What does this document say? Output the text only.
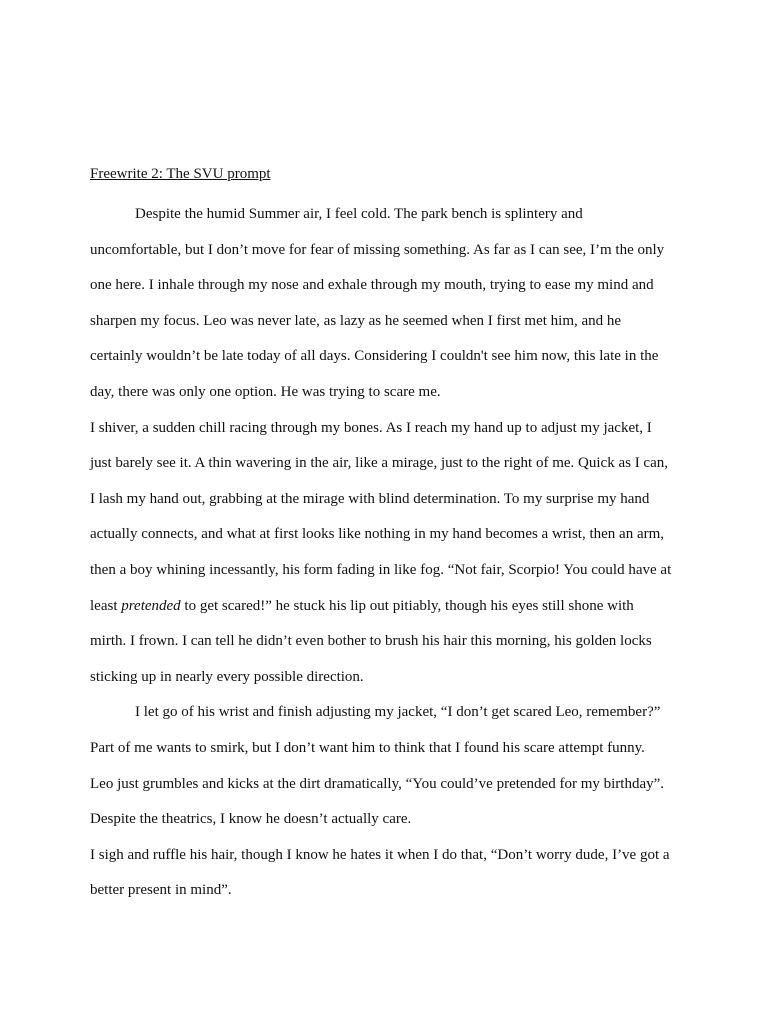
Freewrite 2: The SVU prompt

Despite the humid Summer air, I feel cold. The park bench is splintery and

uncomfortable, but I don’t move for fear of missing something. As far as I can see, I’m the only

one here. I inhale through my nose and exhale through my mouth, trying to ease my mind and

sharpen my focus. Leo was never late, as lazy as he seemed when I first met him, and he

certainly wouldn’t be late today of all days. Considering I couldn't see him now, this late in the

day, there was only one option. He was trying to scare me.

I shiver, a sudden chill racing through my bones. As I reach my hand up to adjust my jacket, I

just barely see it. A thin wavering in the air, like a mirage, just to the right of me. Quick as I can,

I lash my hand out, grabbing at the mirage with blind determination. To my surprise my hand

actually connects, and what at first looks like nothing in my hand becomes a wrist, then an arm,

then a boy whining incessantly, his form fading in like fog. “Not fair, Scorpio! You could have at

least pretended to get scared!” he stuck his lip out pitiably, though his eyes still shone with

mirth. I frown. I can tell he didn’t even bother to brush his hair this morning, his golden locks

sticking up in nearly every possible direction.

I let go of his wrist and finish adjusting my jacket, “I don’t get scared Leo, remember?”

Part of me wants to smirk, but I don’t want him to think that I found his scare attempt funny.

Leo just grumbles and kicks at the dirt dramatically, “You could’ve pretended for my birthday”.

Despite the theatrics, I know he doesn’t actually care.

I sigh and ruffle his hair, though I know he hates it when I do that, “Don’t worry dude, I’ve got a

better present in mind”.
